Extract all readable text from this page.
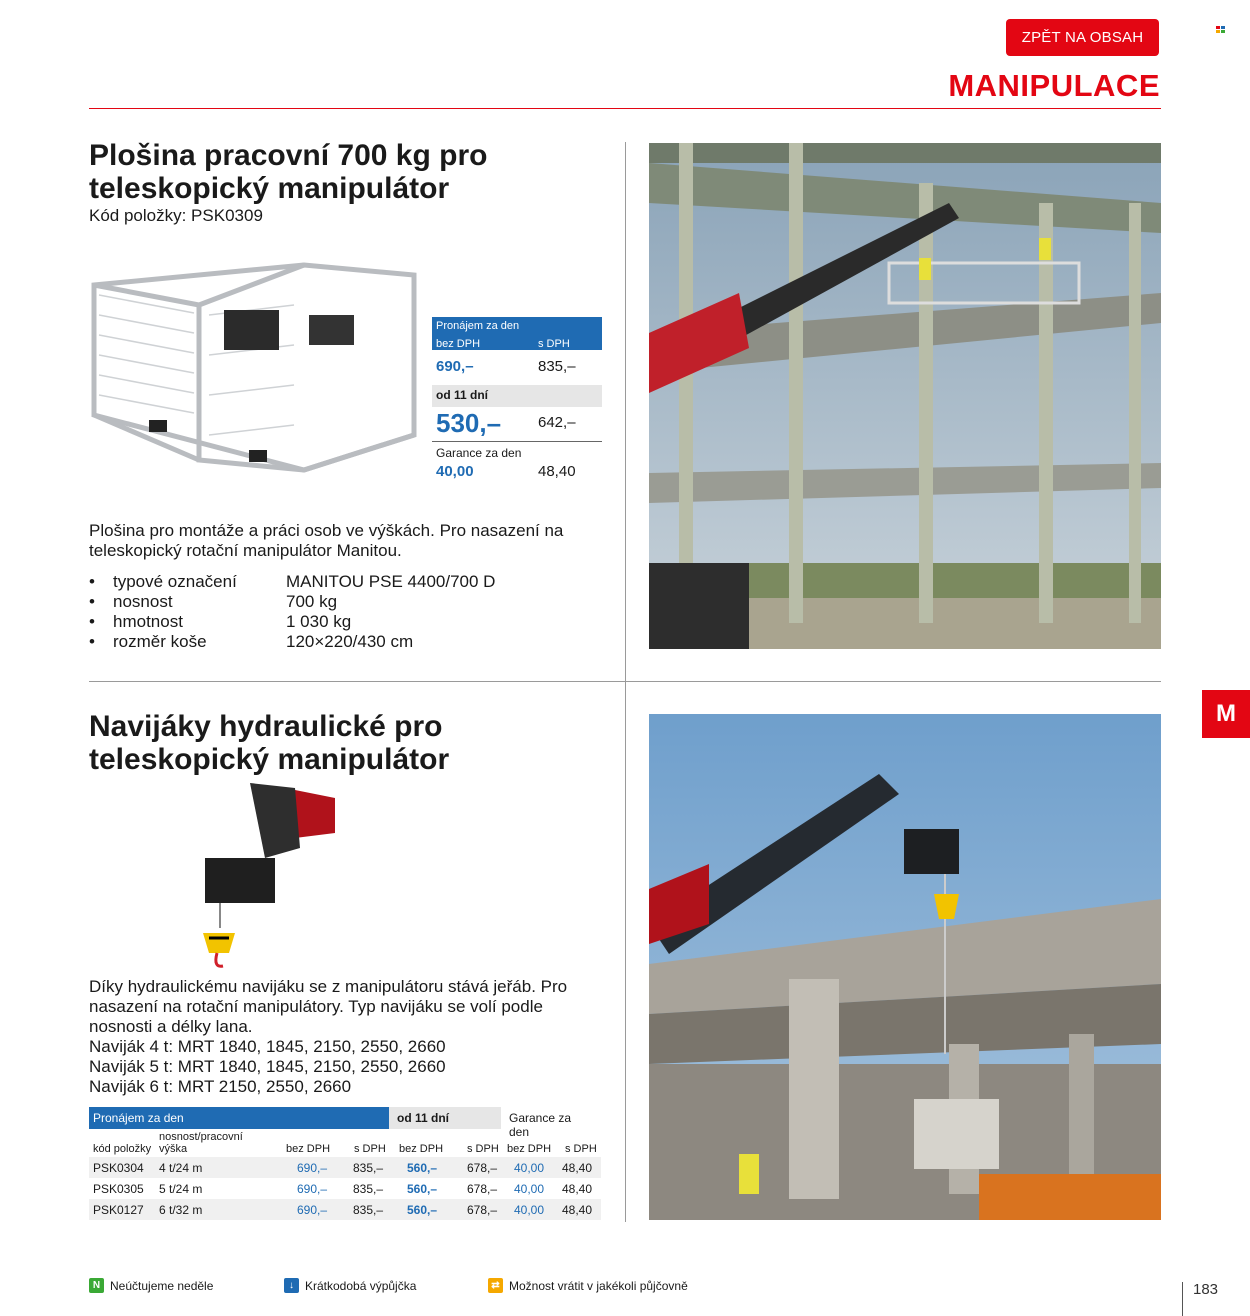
ZPĚT NA OBSAH
MANIPULACE
Plošina pracovní 700 kg pro teleskopický manipulátor
Kód položky: PSK0309
Pronájem za den
bez DPH	s DPH
690,–	835,–
od 11 dní
530,– 642,–
Garance za den
40,00	48,40
Plošina pro montáže a práci osob ve výškách. Pro nasazení na teleskopický rotační manipulátor Manitou.
•	typové označení	MANITOU PSE 4400/700 D
•	nosnost	700 kg
•	hmotnost	1 030 kg
•	rozměr koše	120×220/430 cm
Navijáky hydraulické pro teleskopický manipulátor
Díky hydraulickému navijáku se z manipulátoru stává jeřáb. Pro nasazení na rotační manipulátory. Typ navijáku se volí podle nosnosti a délky lana.
Naviják 4 t: MRT 1840, 1845, 2150, 2550, 2660
Naviják 5 t: MRT 1840, 1845, 2150, 2550, 2660
Naviják 6 t: MRT 2150, 2550, 2660
Pronájem za den	od 11 dní	Garance za den
kód položky
nosnost/pracovní výška	bez DPH s DPH bez DPH s DPH bez DPH s DPH
PSK0304 4 t/24 m	690,– 835,– 560,– 678,– 40,00 48,40
PSK0305 5 t/24 m	690,– 835,– 560,– 678,– 40,00 48,40
PSK0127 6 t/32 m	690,– 835,– 560,– 678,– 40,00 48,40
M
N Neúčtujeme neděle	↓ Krátkodobá výpůjčka	⇄ Možnost vrátit v jakékoli půjčovně	183
